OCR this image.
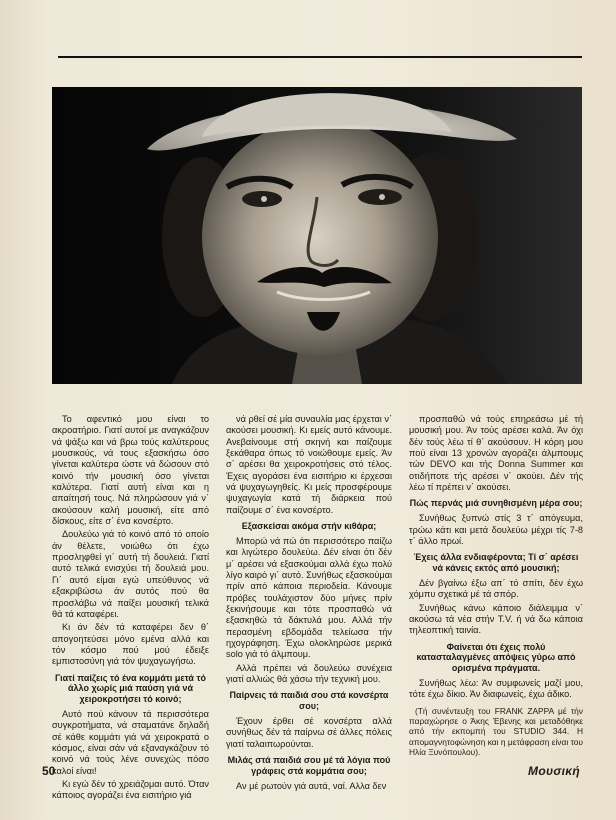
Το αφεντικό μου είναι το ακροατήριο. Γιατί αυτοί με αναγκάζουν νά ψάξω και νά βρω τούς καλύτερους μουσικούς, νά τους εξασκήσω όσο γίνεται καλύτερα ώστε νά δώσουν στό κοινό τήν μουσική όσο γίνεται καλύτερα. Γιατί αυτή είναι και η απαίτησή τους. Νά πληρώσουν γιά ν΄ ακούσουν καλή μουσική, είτε από δίσκους, είτε σ΄ ένα κονσέρτο.

Δουλεύω γιά τό κοινό από τό οποίο άν θέλετε, νοιώθω ότι έχω προσληφθεί γι΄ αυτή τή δουλειά. Γιατί αυτό τελικά ενισχύει τή δουλειά μου. Γι΄ αυτό είμαι εγώ υπεύθυνος νά εξακριβώσω άν αυτός πού θα προσλάβω νά παίξει μουσική τελικά θά τά καταφέρει.

Κι άν δέν τά καταφέρει δεν θ΄ απογοητεύσει μόνο εμένα αλλά και τόν κόσμο πού μού έδειξε εμπιστοσύνη γιά τόν ψυχαγωγήσω.

Γιατί παίζεις τό ένα κομμάτι μετά τό άλλο χωρίς μιά παύση γιά νά χειροκροτήσει τό κοινό;

Αυτό πού κάνουν τά περισσότερα συγκροτήματα, νά σταματάνε δηλαδή σέ κάθε κομμάτι γιά νά χειροκρατά ο κόσμος, είναι σάν νά εξαναγκάζουν τό κοινό νά τούς λένε συνεχώς πόσο καλοί είναι!

Κι εγώ δέν τό χρειάζομαι αυτό. Όταν κάποιος αγοράζει ένα εισιτήριο γιά

νά ρθεί σέ μία συναυλία μας έρχεται ν΄ ακούσει μουσική. Κι εμείς αυτό κάνουμε. Ανεβαίνουμε στή σκηνή και παίζουμε ξεκάθαρα όπως τό νοιώθουμε εμείς. Άν σ΄ αρέσει θα χειροκροτήσεις στό τέλος. Έχεις αγοράσει ένα εισιτήριο κι έρχεσαι νά ψυχαγωγηθείς. Κι μείς προσφέρουμε ψυχαγωγία κατά τή διάρκεια πού παίζουμε σ΄ ένα κονσέρτο.

Εξασκείσαι ακόμα στήν κιθάρα;

Μπορώ νά πώ ότι περισσότερο παίζω και λιγώτερο δουλεύω. Δέν είναι ότι δέν μ΄ αρέσει νά εξασκούμαι αλλά έχω πολύ λίγο καιρό γι΄ αυτό. Συνήθως εξασκούμαι πρίν από κάποια περιοδεία. Κάνουμε πρόβες τουλάχιστον δύο μήνες πρίν ξεκινήσουμε και τότε προσπαθώ νά εξασκηθώ τά δάκτυλά μου. Αλλά τήν περασμένη εβδομάδα τελείωσα τήν ηχογράφηση. Έχω ολοκληρώσε μερικά solo γιά τό άλμπουμ.

Αλλά πρέπει νά δουλεύω συνέχεια γιατί αλλιώς θά χάσω τήν τεχνική μου.

Παίρνεις τά παιδιά σου στά κονσέρτα σου;

Έχουν έρθει σέ κονσέρτα αλλά συνήθως δέν τά παίρνω σέ άλλες πόλεις γιατί ταλαιπωρούνται.

Μιλάς στά παιδιά σου μέ τά λόγια πού γράφεις στά κομμάτια σου;

Αν μέ ρωτούν γιά αυτά, ναί. Αλλα δεν

προσπαθώ νά τούς επηρεάσω μέ τή μουσική μου. Άν τούς αρέσει καλά. Άν όχι δέν τούς λέω τί θ΄ ακούσουν. Η κόρη μου πού είναι 13 χρονών αγοράζει άλμπουμς τών DEVO και τής Donna Summer και οτιδήποτε τής αρέσει ν΄ ακούει. Δέν τής λέω τί πρέπει ν΄ ακούσει.

Πώς περνάς μιά συνηθισμένη μέρα σου;

Συνήθως ξυπνώ στίς 3 τ΄ απόγευμα, τρώω κάτι και μετά δουλεύω μέχρι τίς 7-8 τ΄ άλλο πρωί.

Έχεις άλλα ενδιαφέροντα; Τί σ΄ αρέσει νά κάνεις εκτός από μουσική;

Δέν βγαίνω έξω απ΄ τό σπίτι, δέν έχω χόμπυ σχετικά μέ τά σπόρ.

Συνήθως κάνω κάποιο διάλειμμα ν΄ ακούσω τά νέα στήν Τ.V. ή νά δω κάποια τηλεοπτική ταινία.

Φαίνεται ότι έχεις πολύ κατασταλαγμένες απόψεις γύρω από ορισμένα πράγματα.

Συνήθως λέω: Άν συμφωνείς μαζί μου, τότε έχω δίκιο. Άν διαφωνείς, έχω άδικο.

(Τή συνέντευξη του FRANK ZAPPA μέ τήν παραχώρησε ο Άκης Έβενης και μεταδόθηκε από τήν εκπομπή του STUDIO 344. Η απομαγνητοφώνηση και η μετάφραση είναι του Ηλία Ξυνόπουλου).

50	Μουσική
